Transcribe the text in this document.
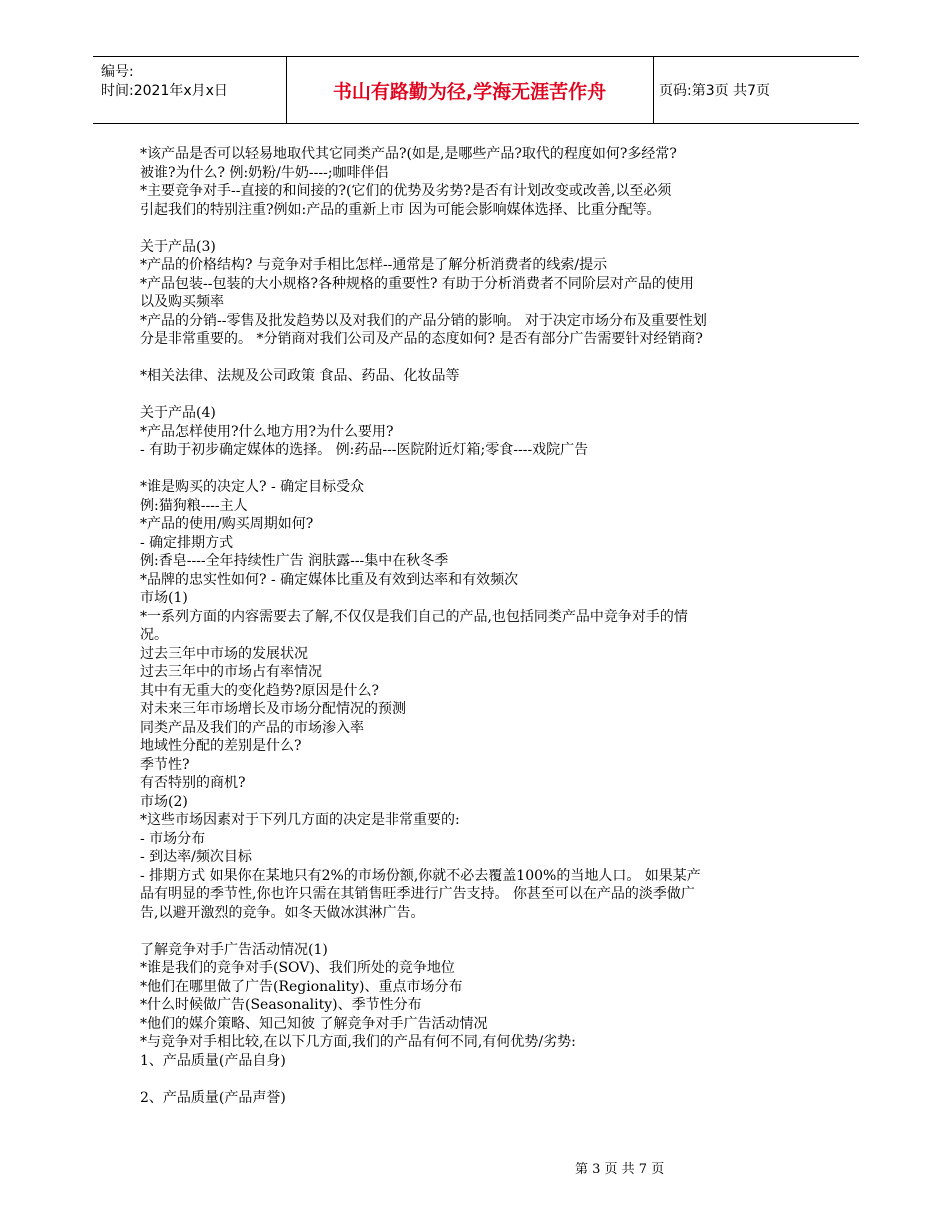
编号:
时间:2021年x月x日	书山有路勤为径,学海无涯苦作舟	页码:第3页 共7页
*该产品是否可以轻易地取代其它同类产品?(如是,是哪些产品?取代的程度如何?多经常?
被谁?为什么? 例:奶粉/牛奶----;咖啡伴侣
*主要竞争对手--直接的和间接的?(它们的优势及劣势?是否有计划改变或改善,以至必须
引起我们的特别注重?例如:产品的重新上市 因为可能会影响媒体选择、比重分配等。
关于产品(3)
*产品的价格结构? 与竞争对手相比怎样--通常是了解分析消费者的线索/提示
*产品包装--包装的大小规格?各种规格的重要性? 有助于分析消费者不同阶层对产品的使用
以及购买频率
*产品的分销--零售及批发趋势以及对我们的产品分销的影响。 对于决定市场分布及重要性划
分是非常重要的。 *分销商对我们公司及产品的态度如何? 是否有部分广告需要针对经销商?
*相关法律、法规及公司政策 食品、药品、化妆品等
关于产品(4)
*产品怎样使用?什么地方用?为什么要用?
- 有助于初步确定媒体的选择。 例:药品---医院附近灯箱;零食----戏院广告
*谁是购买的决定人? - 确定目标受众
例:猫狗粮----主人
*产品的使用/购买周期如何?
- 确定排期方式
例:香皂----全年持续性广告 润肤露---集中在秋冬季
*品牌的忠实性如何? - 确定媒体比重及有效到达率和有效频次
市场(1)
*一系列方面的内容需要去了解,不仅仅是我们自己的产品,也包括同类产品中竞争对手的情
况。
过去三年中市场的发展状况
过去三年中的市场占有率情况
其中有无重大的变化趋势?原因是什么?
对未来三年市场增长及市场分配情况的预测
同类产品及我们的产品的市场渗入率
地域性分配的差别是什么?
季节性?
有否特别的商机?
市场(2)
*这些市场因素对于下列几方面的决定是非常重要的:
- 市场分布
- 到达率/频次目标
- 排期方式 如果你在某地只有2%的市场份额,你就不必去覆盖100%的当地人口。 如果某产
品有明显的季节性,你也许只需在其销售旺季进行广告支持。 你甚至可以在产品的淡季做广
告,以避开激烈的竞争。如冬天做冰淇淋广告。
了解竞争对手广告活动情况(1)
*谁是我们的竞争对手(SOV)、我们所处的竞争地位
*他们在哪里做了广告(Regionality)、重点市场分布
*什么时候做广告(Seasonality)、季节性分布
*他们的媒介策略、知己知彼 了解竞争对手广告活动情况
*与竞争对手相比较,在以下几方面,我们的产品有何不同,有何优势/劣势:
1、产品质量(产品自身)
2、产品质量(产品声誉)
第 3 页 共 7 页
